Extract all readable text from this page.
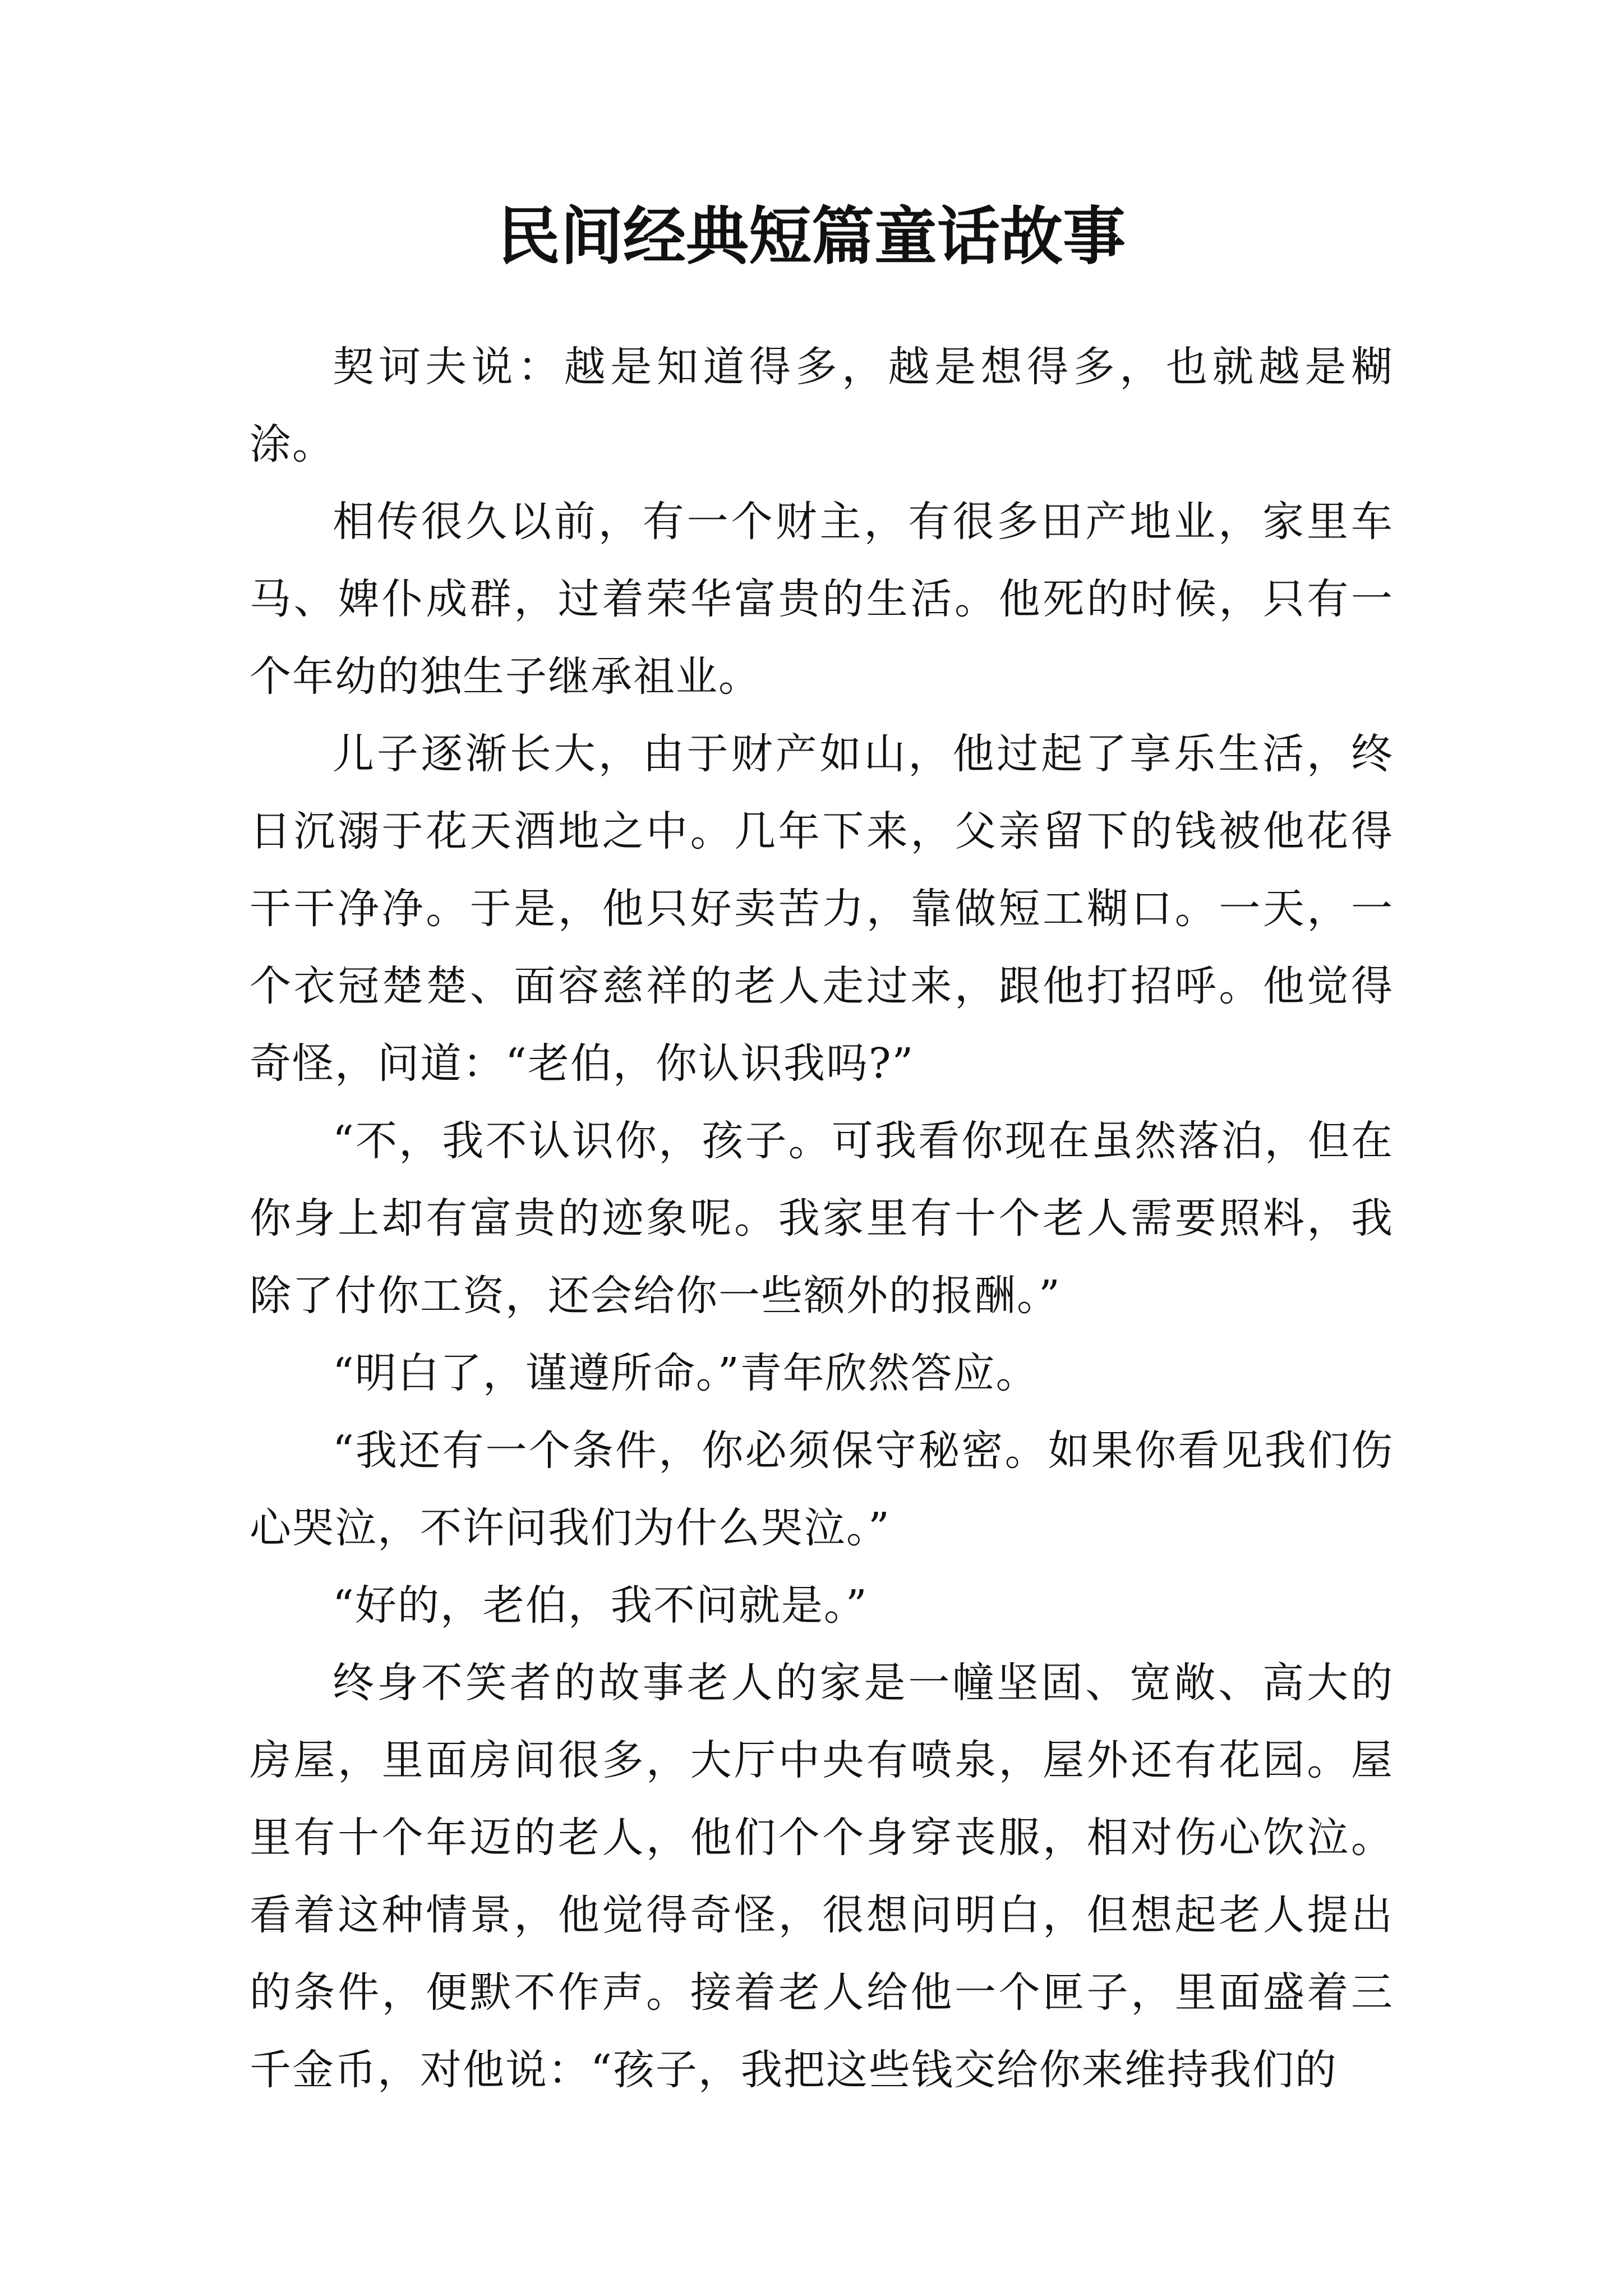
民间经典短篇童话故事

契诃夫说：越是知道得多，越是想得多，也就越是糊涂。

相传很久以前，有一个财主，有很多田产地业，家里车马、婢仆成群，过着荣华富贵的生活。他死的时候，只有一个年幼的独生子继承祖业。

儿子逐渐长大，由于财产如山，他过起了享乐生活，终日沉溺于花天酒地之中。几年下来，父亲留下的钱被他花得干干净净。于是，他只好卖苦力，靠做短工糊口。一天，一个衣冠楚楚、面容慈祥的老人走过来，跟他打招呼。他觉得奇怪，问道：“老伯，你认识我吗?”

“不，我不认识你，孩子。可我看你现在虽然落泊，但在你身上却有富贵的迹象呢。我家里有十个老人需要照料，我除了付你工资，还会给你一些额外的报酬。”

“明白了，谨遵所命。”青年欣然答应。

“我还有一个条件，你必须保守秘密。如果你看见我们伤心哭泣，不许问我们为什么哭泣。”

“好的，老伯，我不问就是。”

终身不笑者的故事老人的家是一幢坚固、宽敞、高大的房屋，里面房间很多，大厅中央有喷泉，屋外还有花园。屋里有十个年迈的老人，他们个个身穿丧服，相对伤心饮泣。看着这种情景，他觉得奇怪，很想问明白，但想起老人提出的条件，便默不作声。接着老人给他一个匣子，里面盛着三千金币，对他说：“孩子，我把这些钱交给你来维持我们的
